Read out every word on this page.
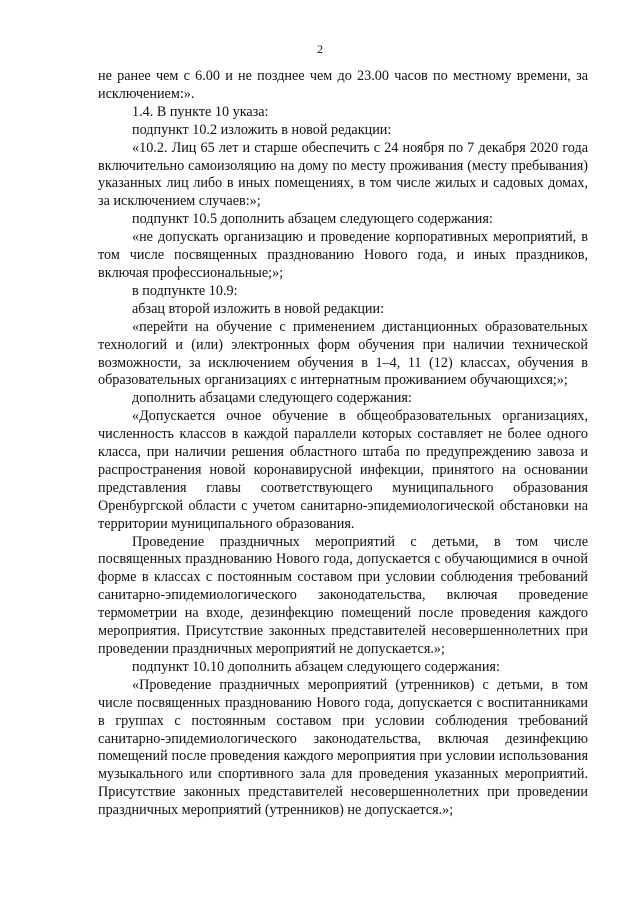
2

не ранее чем с 6.00 и не позднее чем до 23.00 часов по местному времени, за исключением:».

1.4. В пункте 10 указа:

подпункт 10.2 изложить в новой редакции:

«10.2. Лиц 65 лет и старше обеспечить с 24 ноября по 7 декабря 2020 года включительно самоизоляцию на дому по месту проживания (месту пребывания) указанных лиц либо в иных помещениях, в том числе жилых и садовых домах, за исключением случаев:»;

подпункт 10.5 дополнить абзацем следующего содержания:

«не допускать организацию и проведение корпоративных мероприятий, в том числе посвященных празднованию Нового года, и иных праздников, включая профессиональные;»;

в подпункте 10.9:

абзац второй изложить в новой редакции:

«перейти на обучение с применением дистанционных образовательных технологий и (или) электронных форм обучения при наличии технической возможности, за исключением обучения в 1–4, 11 (12) классах, обучения в образовательных организациях с интернатным проживанием обучающихся;»;

дополнить абзацами следующего содержания:

«Допускается очное обучение в общеобразовательных организациях, численность классов в каждой параллели которых составляет не более одного класса, при наличии решения областного штаба по предупреждению завоза и распространения новой коронавирусной инфекции, принятого на основании представления главы соответствующего муниципального образования Оренбургской области с учетом санитарно-эпидемиологической обстановки на территории муниципального образования.

Проведение праздничных мероприятий с детьми, в том числе посвященных празднованию Нового года, допускается с обучающимися в очной форме в классах с постоянным составом при условии соблюдения требований санитарно-эпидемиологического законодательства, включая проведение термометрии на входе, дезинфекцию помещений после проведения каждого мероприятия. Присутствие законных представителей несовершеннолетних при проведении праздничных мероприятий не допускается.»;

подпункт 10.10 дополнить абзацем следующего содержания:

«Проведение праздничных мероприятий (утренников) с детьми, в том числе посвященных празднованию Нового года, допускается с воспитанниками в группах с постоянным составом при условии соблюдения требований санитарно-эпидемиологического законодательства, включая дезинфекцию помещений после проведения каждого мероприятия при условии использования музыкального или спортивного зала для проведения указанных мероприятий. Присутствие законных представителей несовершеннолетних при проведении праздничных мероприятий (утренников) не допускается.»;
